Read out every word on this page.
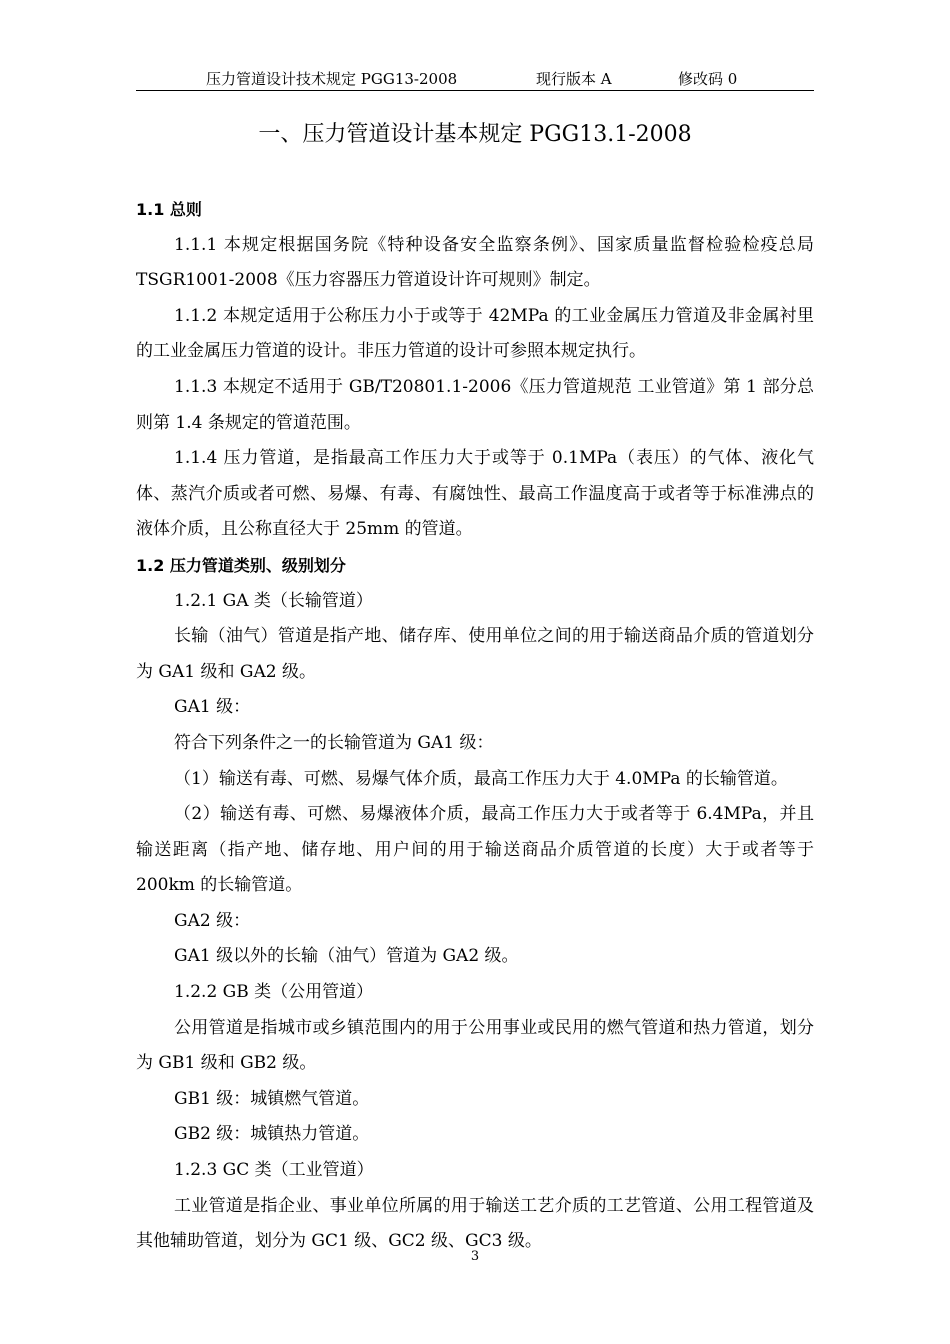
压力管道设计技术规定 PGG13-2008	现行版本 A	修改码 0
一、压力管道设计基本规定 PGG13.1-2008

1.1 总则

1.1.1 本规定根据国务院《特种设备安全监察条例》、国家质量监督检验检疫总局 TSGR1001-2008《压力容器压力管道设计许可规则》制定。

1.1.2 本规定适用于公称压力小于或等于 42MPa 的工业金属压力管道及非金属衬里的工业金属压力管道的设计。非压力管道的设计可参照本规定执行。

1.1.3 本规定不适用于 GB/T20801.1-2006《压力管道规范 工业管道》第 1 部分总则第 1.4 条规定的管道范围。

1.1.4 压力管道，是指最高工作压力大于或等于 0.1MPa（表压）的气体、液化气体、蒸汽介质或者可燃、易爆、有毒、有腐蚀性、最高工作温度高于或者等于标准沸点的液体介质，且公称直径大于 25mm 的管道。

1.2 压力管道类别、级别划分

1.2.1 GA 类（长输管道）

长输（油气）管道是指产地、储存库、使用单位之间的用于输送商品介质的管道划分为 GA1 级和 GA2 级。

GA1 级：

符合下列条件之一的长输管道为 GA1 级：

（1）输送有毒、可燃、易爆气体介质，最高工作压力大于 4.0MPa 的长输管道。

（2）输送有毒、可燃、易爆液体介质，最高工作压力大于或者等于 6.4MPa，并且输送距离（指产地、储存地、用户间的用于输送商品介质管道的长度）大于或者等于 200km 的长输管道。

GA2 级：

GA1 级以外的长输（油气）管道为 GA2 级。

1.2.2 GB 类（公用管道）

公用管道是指城市或乡镇范围内的用于公用事业或民用的燃气管道和热力管道，划分为 GB1 级和 GB2 级。

GB1 级：城镇燃气管道。

GB2 级：城镇热力管道。

1.2.3 GC 类（工业管道）

工业管道是指企业、事业单位所属的用于输送工艺介质的工艺管道、公用工程管道及其他辅助管道，划分为 GC1 级、GC2 级、GC3 级。

3
